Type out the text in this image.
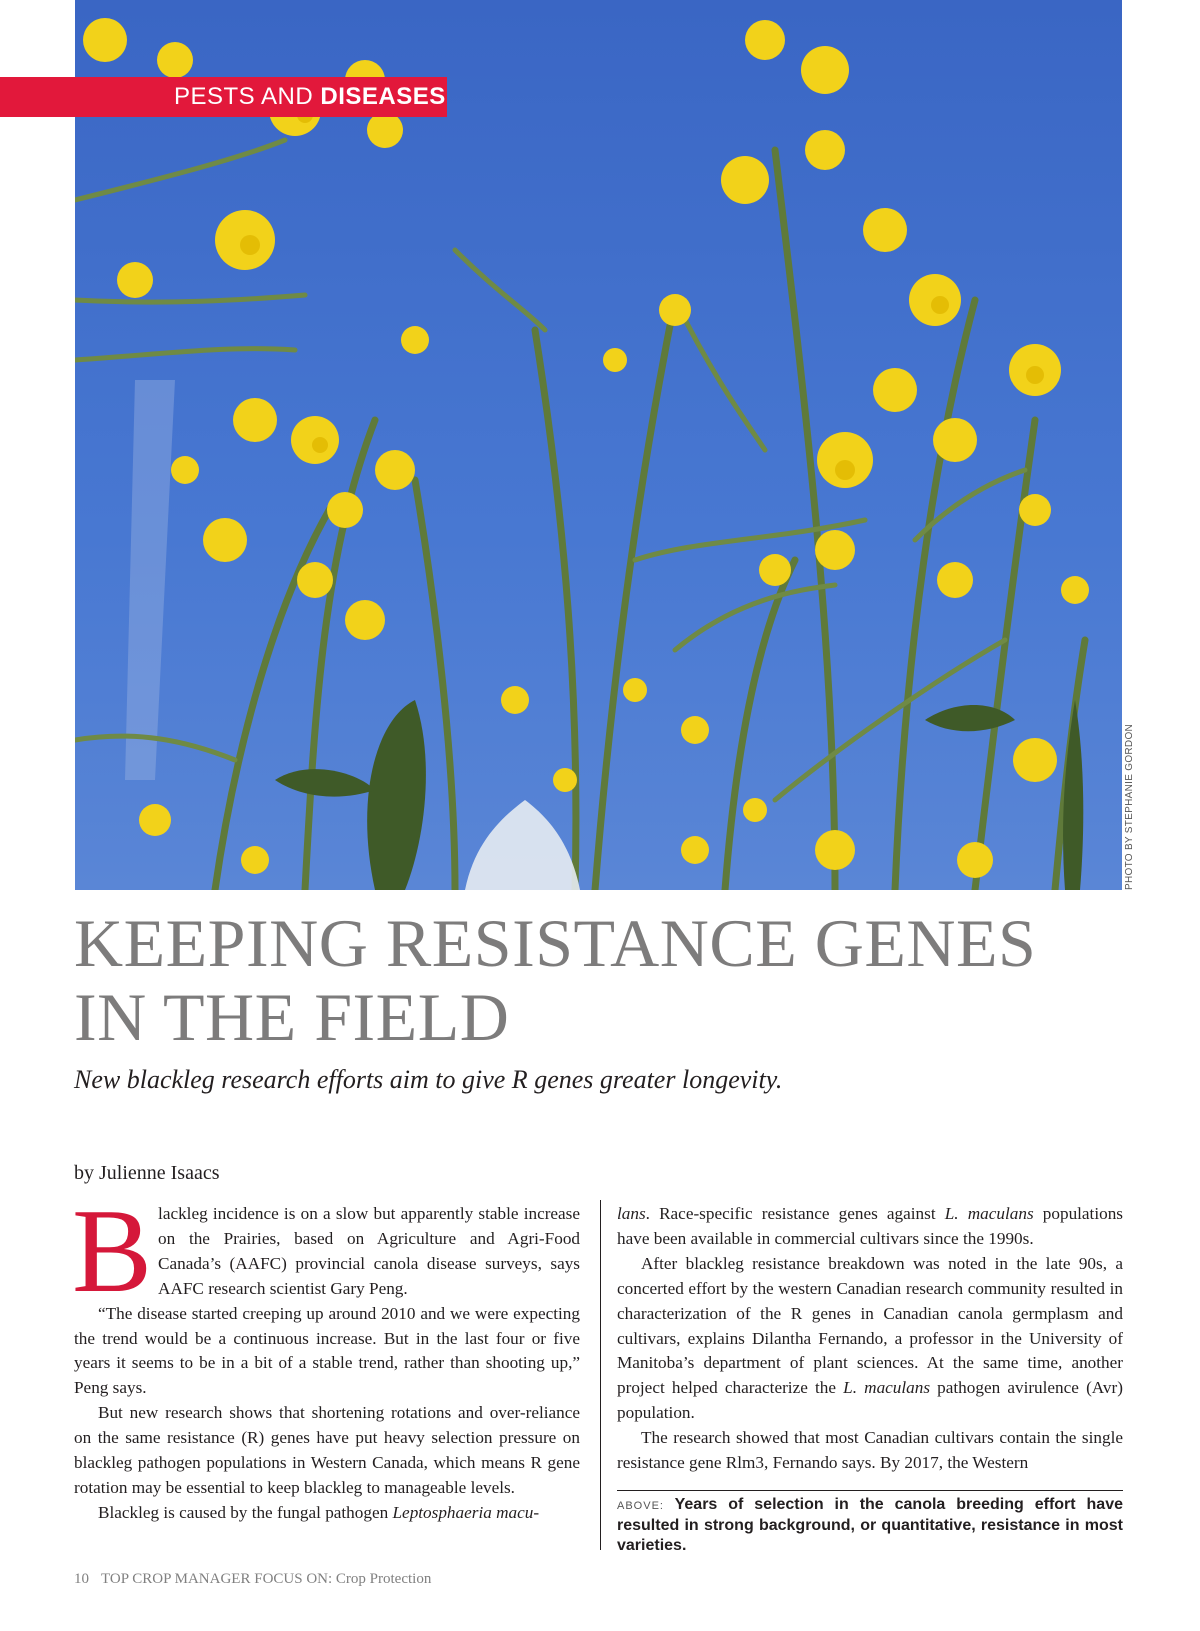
PHOTO BY STEPHANIE GORDON
PESTS AND DISEASES
KEEPING RESISTANCE GENES
IN THE FIELD

New blackleg research efforts aim to give R genes greater longevity.

by Julienne Isaacs

Blackleg incidence is on a slow but apparently stable increase on the Prairies, based on Agriculture and Agri-Food Canada’s (AAFC) provincial canola disease surveys, says AAFC research scientist Gary Peng.

“The disease started creeping up around 2010 and we were expecting the trend would be a continuous increase. But in the last four or five years it seems to be in a bit of a stable trend, rather than shooting up,” Peng says.

But new research shows that shortening rotations and over-reliance on the same resistance (R) genes have put heavy selection pressure on blackleg pathogen populations in Western Canada, which means R gene rotation may be essential to keep blackleg to manageable levels.

Blackleg is caused by the fungal pathogen Leptosphaeria macu-

lans. Race-specific resistance genes against L. maculans populations have been available in commercial cultivars since the 1990s.

After blackleg resistance breakdown was noted in the late 90s, a concerted effort by the western Canadian research community resulted in characterization of the R genes in Canadian canola germplasm and cultivars, explains Dilantha Fernando, a professor in the University of Manitoba’s department of plant sciences. At the same time, another project helped characterize the L. maculans pathogen avirulence (Avr) population.

The research showed that most Canadian cultivars contain the single resistance gene Rlm3, Fernando says. By 2017, the Western

ABOVE: Years of selection in the canola breeding effort have resulted in strong background, or quantitative, resistance in most varieties.
10 TOP CROP MANAGER FOCUS ON: Crop Protection
